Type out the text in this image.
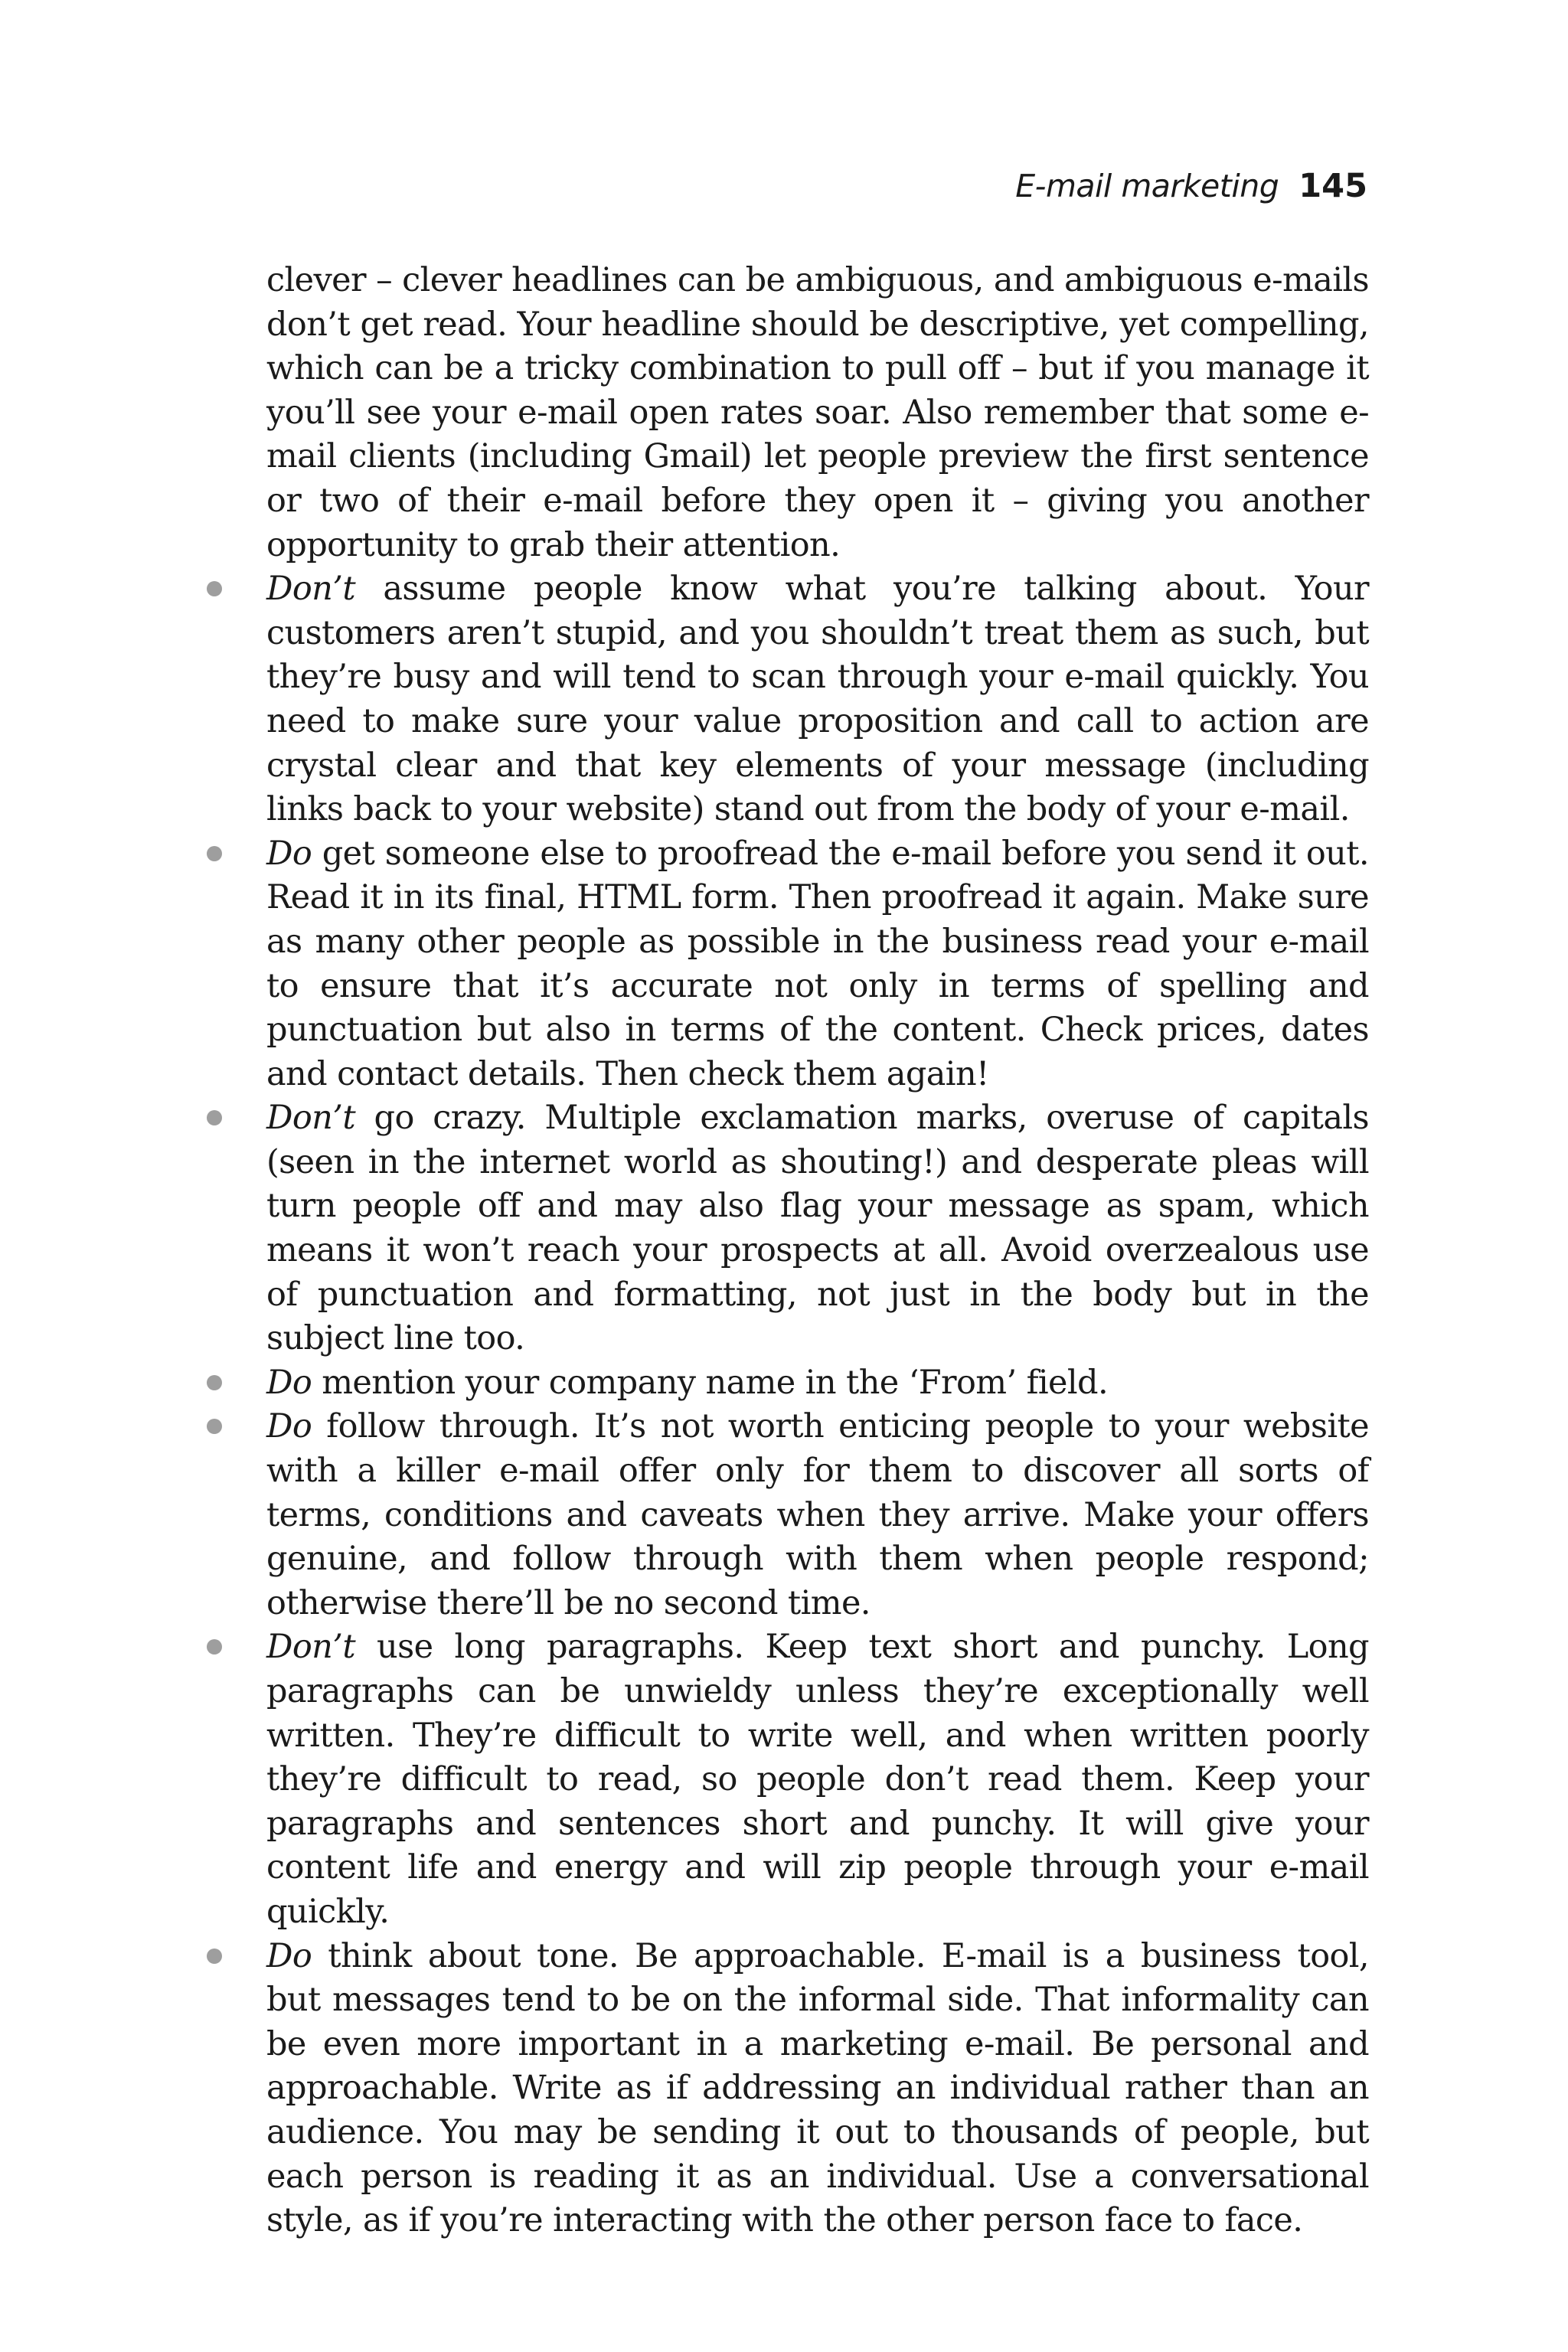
E-mail marketing 145

clever – clever headlines can be ambiguous, and ambiguous e-mails don’t get read. Your headline should be descriptive, yet compelling, which can be a tricky combination to pull off – but if you manage it you’ll see your e-mail open rates soar. Also remember that some e-mail clients (including Gmail) let people preview the first sentence or two of their e-mail before they open it – giving you another opportunity to grab their attention.

Don’t assume people know what you’re talking about. Your customers aren’t stupid, and you shouldn’t treat them as such, but they’re busy and will tend to scan through your e-mail quickly. You need to make sure your value proposition and call to action are crystal clear and that key elements of your message (including links back to your website) stand out from the body of your e-mail.

Do get someone else to proofread the e-mail before you send it out. Read it in its final, HTML form. Then proofread it again. Make sure as many other people as possible in the business read your e-mail to ensure that it’s accurate not only in terms of spelling and punctuation but also in terms of the content. Check prices, dates and contact details. Then check them again!

Don’t go crazy. Multiple exclamation marks, overuse of capitals (seen in the internet world as shouting!) and desperate pleas will turn people off and may also flag your message as spam, which means it won’t reach your prospects at all. Avoid overzealous use of punctuation and formatting, not just in the body but in the subject line too.

Do mention your company name in the ‘From’ field.

Do follow through. It’s not worth enticing people to your website with a killer e-mail offer only for them to discover all sorts of terms, conditions and caveats when they arrive. Make your offers genuine, and follow through with them when people respond; otherwise there’ll be no second time.

Don’t use long paragraphs. Keep text short and punchy. Long paragraphs can be unwieldy unless they’re exceptionally well written. They’re difficult to write well, and when written poorly they’re difficult to read, so people don’t read them. Keep your paragraphs and sentences short and punchy. It will give your content life and energy and will zip people through your e-mail quickly.

Do think about tone. Be approachable. E-mail is a business tool, but messages tend to be on the informal side. That informality can be even more important in a marketing e-mail. Be personal and approachable. Write as if addressing an individual rather than an audience. You may be sending it out to thousands of people, but each person is reading it as an individual. Use a conversational style, as if you’re interacting with the other person face to face.
